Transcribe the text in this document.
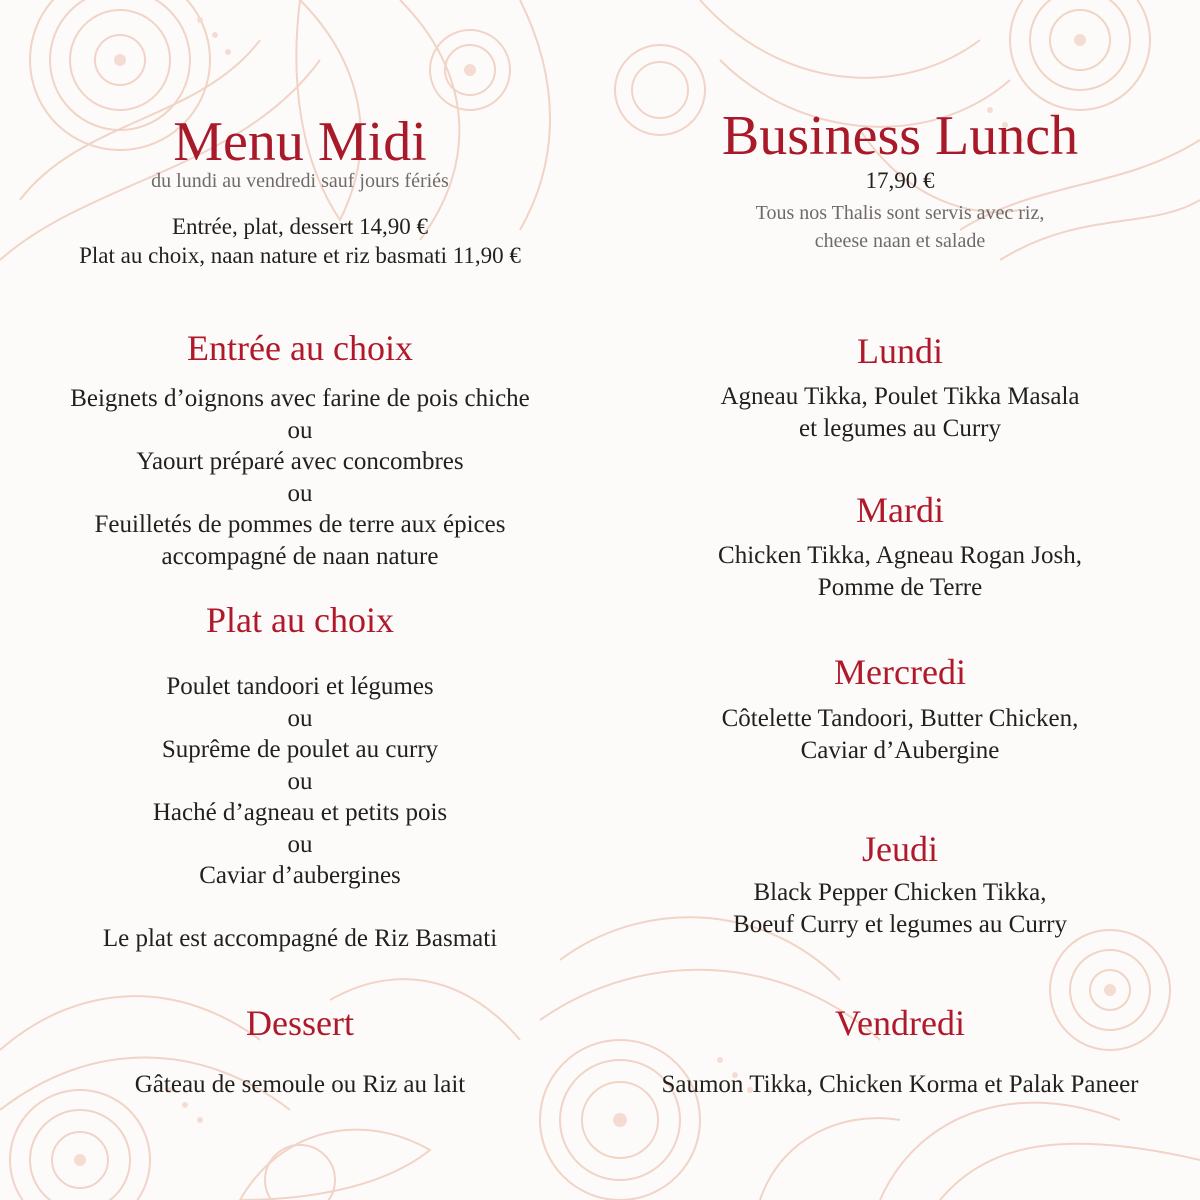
Menu Midi
du lundi au vendredi sauf jours fériés
Entrée, plat, dessert 14,90 €
Plat au choix, naan nature et riz basmati 11,90 €
Entrée au choix
Beignets d’oignons avec farine de pois chiche
ou
Yaourt préparé avec concombres
ou
Feuilletés de pommes de terre aux épices
accompagné de naan nature
Plat au choix
Poulet tandoori et légumes
ou
Suprême de poulet au curry
ou
Haché d’agneau et petits pois
ou
Caviar d’aubergines
Le plat est accompagné de Riz Basmati
Dessert
Gâteau de semoule ou Riz au lait
Business Lunch
17,90 €
Tous nos Thalis sont servis avec riz,
cheese naan et salade
Lundi
Agneau Tikka, Poulet Tikka Masala
et legumes au Curry
Mardi
Chicken Tikka, Agneau Rogan Josh,
Pomme de Terre
Mercredi
Côtelette Tandoori, Butter Chicken,
Caviar d’Aubergine
Jeudi
Black Pepper Chicken Tikka,
Boeuf Curry et legumes au Curry
Vendredi
Saumon Tikka, Chicken Korma et Palak Paneer
